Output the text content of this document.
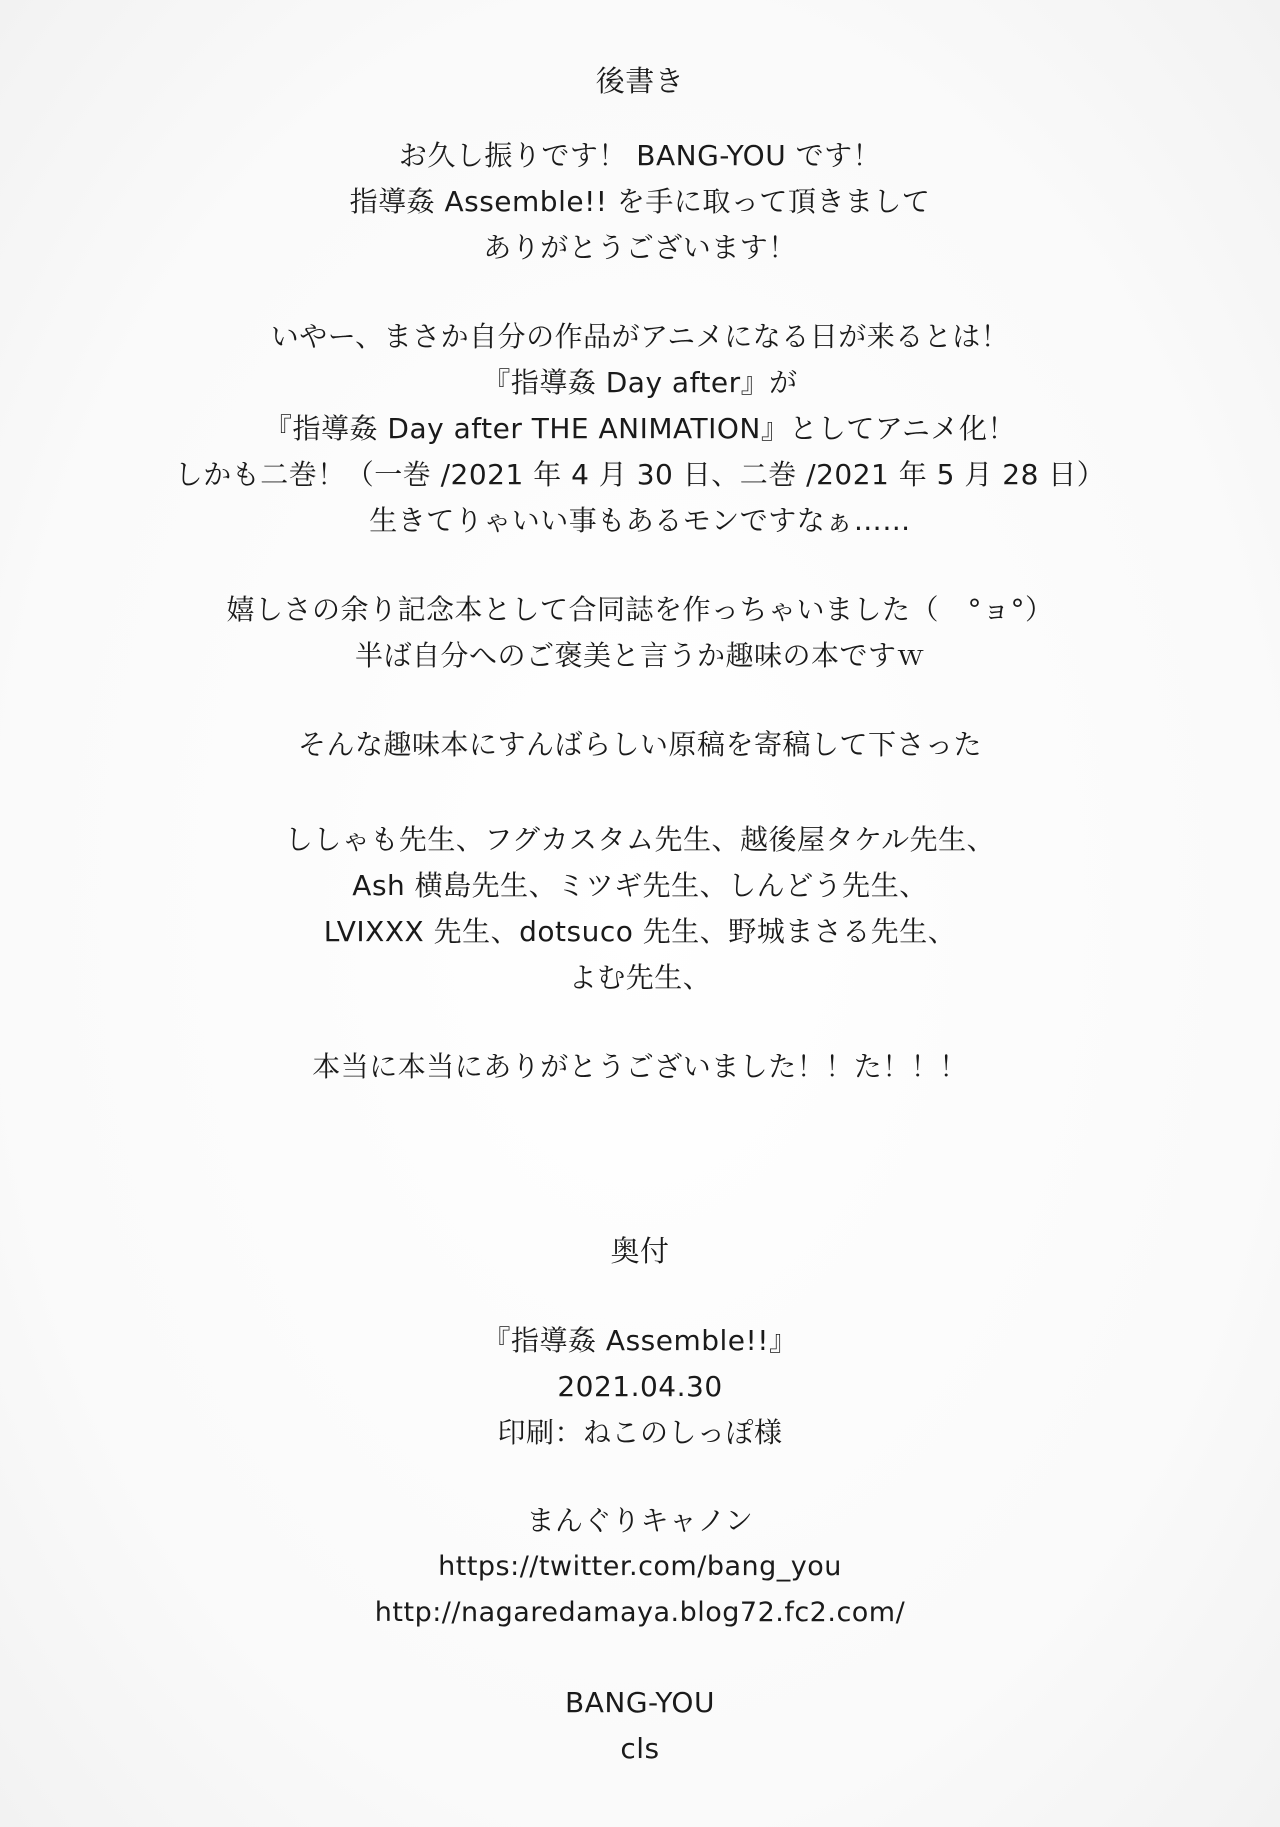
後書き
お久し振りです！ BANG-YOU です！
指導姦 Assemble!! を手に取って頂きまして
ありがとうございます！
いやー、まさか自分の作品がアニメになる日が来るとは！
『指導姦 Day after』が
『指導姦 Day after THE ANIMATION』としてアニメ化！
しかも二巻！（一巻 /2021 年 4 月 30 日、二巻 /2021 年 5 月 28 日）
生きてりゃいい事もあるモンですなぁ……
嬉しさの余り記念本として合同誌を作っちゃいました（　°ョ°）
半ば自分へのご褒美と言うか趣味の本ですｗ
そんな趣味本にすんばらしい原稿を寄稿して下さった
ししゃも先生、フグカスタム先生、越後屋タケル先生、
Ash 横島先生、ミツギ先生、しんどう先生、
LVIXXX 先生、dotsuco 先生、野城まさる先生、
よむ先生、
本当に本当にありがとうございました！！た！！！
奥付
『指導姦 Assemble!!』
2021.04.30
印刷：ねこのしっぽ様
まんぐりキャノン
https://twitter.com/bang_you
http://nagaredamaya.blog72.fc2.com/
BANG-YOU
cls
